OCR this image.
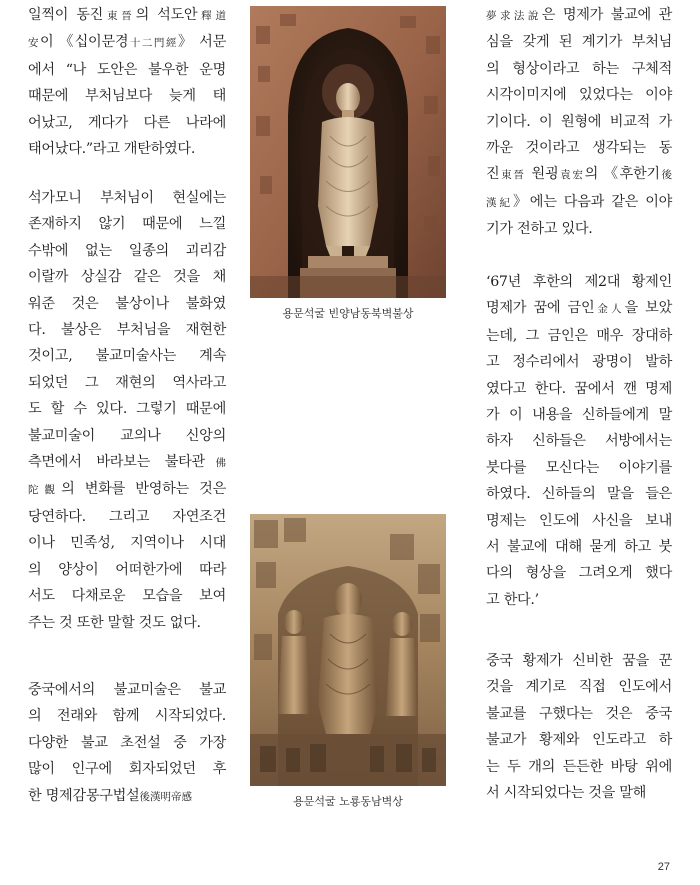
일찍이 동진東晉의 석도안釋道
安이 《십이문경十二門經》 서문
에서 “나 도안은 불우한 운명
때문에 부처님보다 늦게 태
어났고, 게다가 다른 나라에
태어났다.”라고 개탄하였다.

석가모니 부처님이 현실에는
존재하지 않기 때문에 느낄
수밖에 없는 일종의 괴리감
이랄까 상실감 같은 것을 채
워준 것은 불상이나 불화였
다. 불상은 부처님을 재현한
것이고, 불교미술사는 계속
되었던 그 재현의 역사라고
도 할 수 있다. 그렇기 때문에
불교미술이 교의나 신앙의
측면에서 바라보는 불타관佛
陀觀의 변화를 반영하는 것은
당연하다. 그리고 자연조건
이나 민족성, 지역이나 시대
의 양상이 어떠한가에 따라
서도 다채로운 모습을 보여
주는 것 또한 말할 것도 없다.

중국에서의 불교미술은 불교
의 전래와 함께 시작되었다.
다양한 불교 초전설 중 가장
많이 인구에 회자되었던 후
한 명제감몽구법설後漢明帝感

夢求法說은 명제가 불교에 관
심을 갖게 된 계기가 부처님
의 형상이라고 하는 구체적
시각이미지에 있었다는 이야
기이다. 이 원형에 비교적 가
까운 것이라고 생각되는 동
진東晉 원굉袁宏의 《후한기後
漢紀》에는 다음과 같은 이야
기가 전하고 있다.

‘67년 후한의 제2대 황제인
명제가 꿈에 금인金人을 보았
는데, 그 금인은 매우 장대하
고 정수리에서 광명이 발하
였다고 한다. 꿈에서 깬 명제
가 이 내용을 신하들에게 말
하자 신하들은 서방에서는
붓다를 모신다는 이야기를
하였다. 신하들의 말을 들은
명제는 인도에 사신을 보내
서 불교에 대해 묻게 하고 붓
다의 형상을 그려오게 했다
고 한다.’

중국 황제가 신비한 꿈을 꾼
것을 계기로 직접 인도에서
불교를 구했다는 것은 중국
불교가 황제와 인도라고 하
는 두 개의 든든한 바탕 위에
서 시작되었다는 것을 말해

용문석굴 빈양남동북벽불상
용문석굴 노룡동남벽상
27
